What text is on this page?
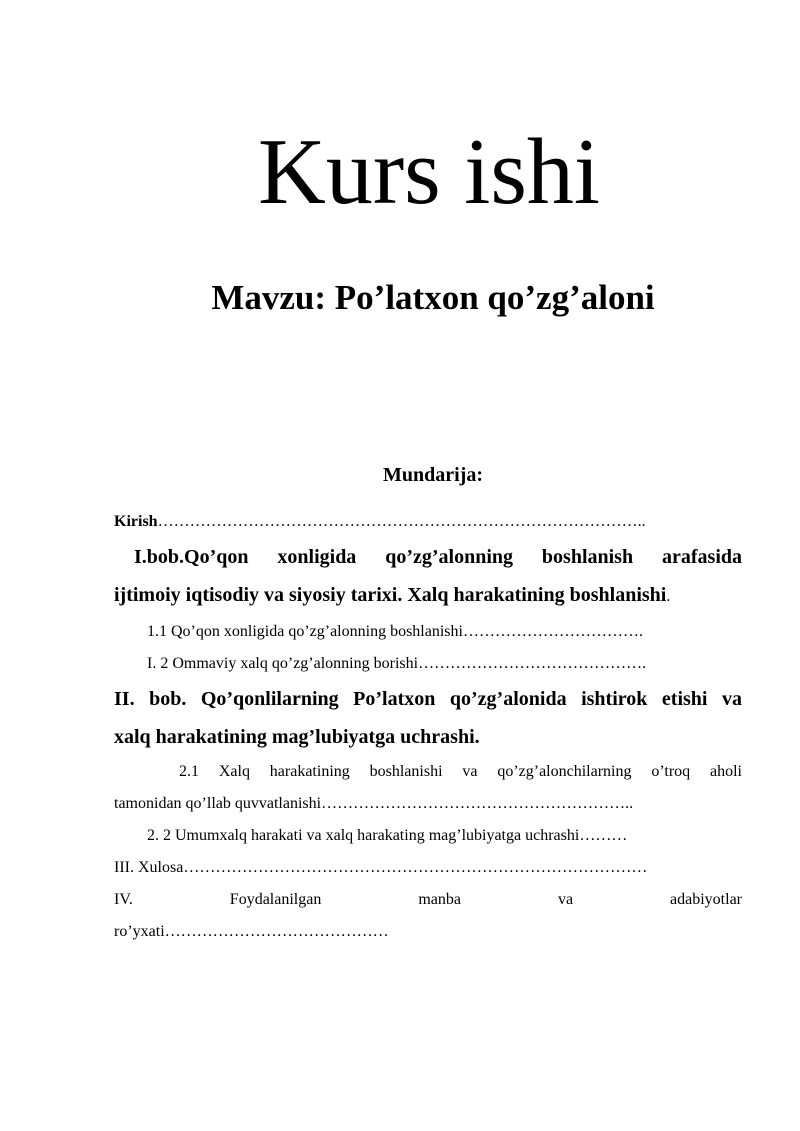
Kurs ishi
Mavzu: Po’latxon qo’zg’aloni
Mundarija:

Kirish………………………………………………………………………………..

I.bob.Qo’qon xonligida qo’zg’alonning boshlanish arafasida

ijtimoiy iqtisodiy va siyosiy tarixi. Xalq harakatining boshlanishi.

1.1 Qo’qon xonligida qo’zg’alonning boshlanishi…………………………….

I. 2 Ommaviy xalq qo’zg’alonning borishi…………………………………….

II. bob. Qo’qonlilarning Po’latxon qo’zg’alonida ishtirok etishi va

xalq harakatining mag’lubiyatga uchrashi.

2.1 Xalq harakatining boshlanishi va qo’zg’alonchilarning o’troq aholi

tamonidan qo’llab quvvatlanishi…………………………………………………..

2. 2 Umumxalq harakati va xalq harakating mag’lubiyatga uchrashi………

III. Xulosa……………………………………………………………………………

IV. Foydalanilgan manba va adabiyotlar

ro’yxati……………………………………
